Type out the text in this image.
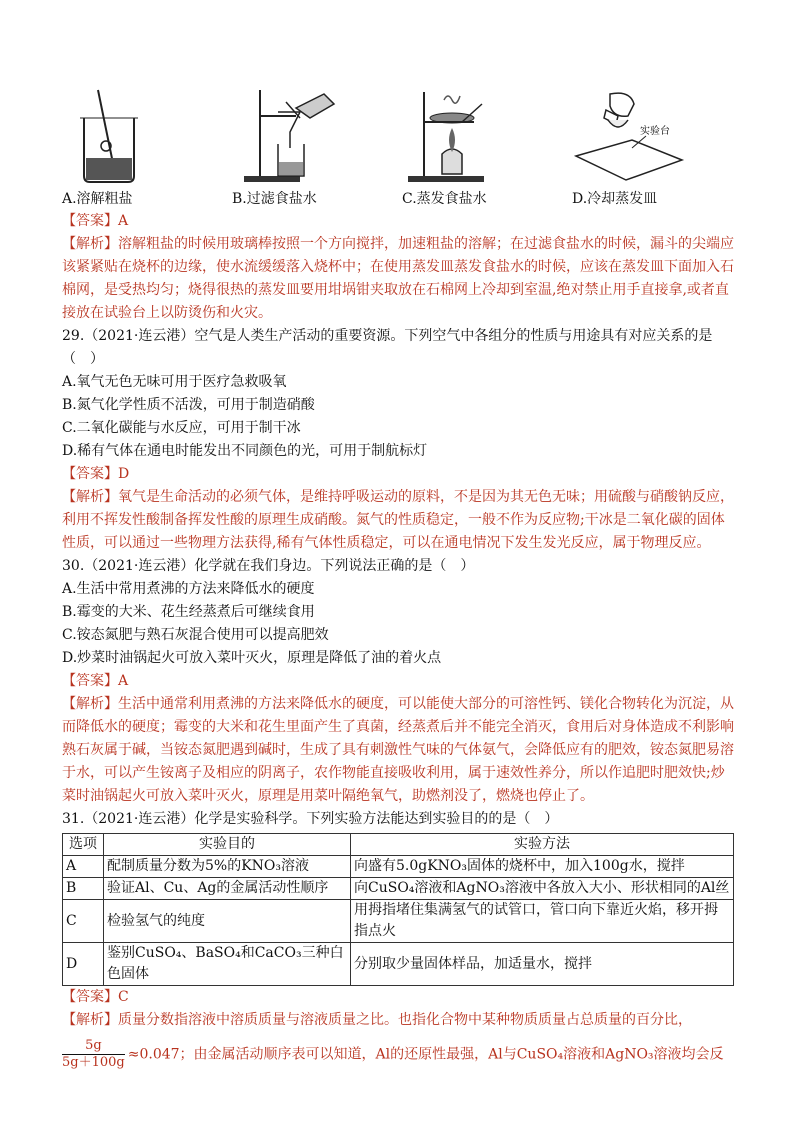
实验台
A.溶解粗盐	B.过滤食盐水	C.蒸发食盐水	D.冷却蒸发皿

【答案】A

【解析】溶解粗盐的时候用玻璃棒按照一个方向搅拌，加速粗盐的溶解；在过滤食盐水的时候，漏斗的尖端应该紧紧贴在烧杯的边缘，使水流缓缓落入烧杯中；在使用蒸发皿蒸发食盐水的时候，应该在蒸发皿下面加入石棉网，是受热均匀；烧得很热的蒸发皿要用坩埚钳夹取放在石棉网上冷却到室温,绝对禁止用手直接拿,或者直接放在试验台上以防烫伤和火灾。

29.（2021·连云港）空气是人类生产活动的重要资源。下列空气中各组分的性质与用途具有对应关系的是（　）

A.氧气无色无味可用于医疗急救吸氧

B.氮气化学性质不活泼，可用于制造硝酸

C.二氧化碳能与水反应，可用于制干冰

D.稀有气体在通电时能发出不同颜色的光，可用于制航标灯

【答案】D

【解析】氧气是生命活动的必须气体，是维持呼吸运动的原料，不是因为其无色无味；用硫酸与硝酸钠反应，利用不挥发性酸制备挥发性酸的原理生成硝酸。氮气的性质稳定，一般不作为反应物;干冰是二氧化碳的固体性质，可以通过一些物理方法获得,稀有气体性质稳定，可以在通电情况下发生发光反应，属于物理反应。

30.（2021·连云港）化学就在我们身边。下列说法正确的是（　）

A.生活中常用煮沸的方法来降低水的硬度

B.霉变的大米、花生经蒸煮后可继续食用

C.铵态氮肥与熟石灰混合使用可以提高肥效

D.炒菜时油锅起火可放入菜叶灭火，原理是降低了油的着火点

【答案】A

【解析】生活中通常利用煮沸的方法来降低水的硬度，可以能使大部分的可溶性钙、镁化合物转化为沉淀，从而降低水的硬度；霉变的大米和花生里面产生了真菌，经蒸煮后并不能完全消灭，食用后对身体造成不利影响熟石灰属于碱，当铵态氮肥遇到碱时，生成了具有刺激性气味的气体氨气，会降低应有的肥效，铵态氮肥易溶于水，可以产生铵离子及相应的阴离子，农作物能直接吸收利用，属于速效性养分，所以作追肥时肥效快;炒菜时油锅起火可放入菜叶灭火，原理是用菜叶隔绝氧气，助燃剂没了，燃烧也停止了。

31.（2021·连云港）化学是实验科学。下列实验方法能达到实验目的的是（　）

选项	实验目的	实验方法
A	配制质量分数为5%的KNO₃溶液	向盛有5.0gKNO₃固体的烧杯中，加入100g水，搅拌
B	验证Al、Cu、Ag的金属活动性顺序	向CuSO₄溶液和AgNO₃溶液中各放入大小、形状相同的Al丝
C	检验氢气的纯度	用拇指堵住集满氢气的试管口，管口向下靠近火焰，移开拇指点火
D	鉴别CuSO₄、BaSO₄和CaCO₃三种白色固体	分别取少量固体样品，加适量水，搅拌

【答案】C

【解析】质量分数指溶液中溶质质量与溶液质量之比。也指化合物中某种物质质量占总质量的百分比，

$\frac{5g}{5g+100g} \approx 0.047$；由金属活动顺序表可以知道，Al的还原性最强，Al与CuSO₄溶液和AgNO₃溶液均会反
